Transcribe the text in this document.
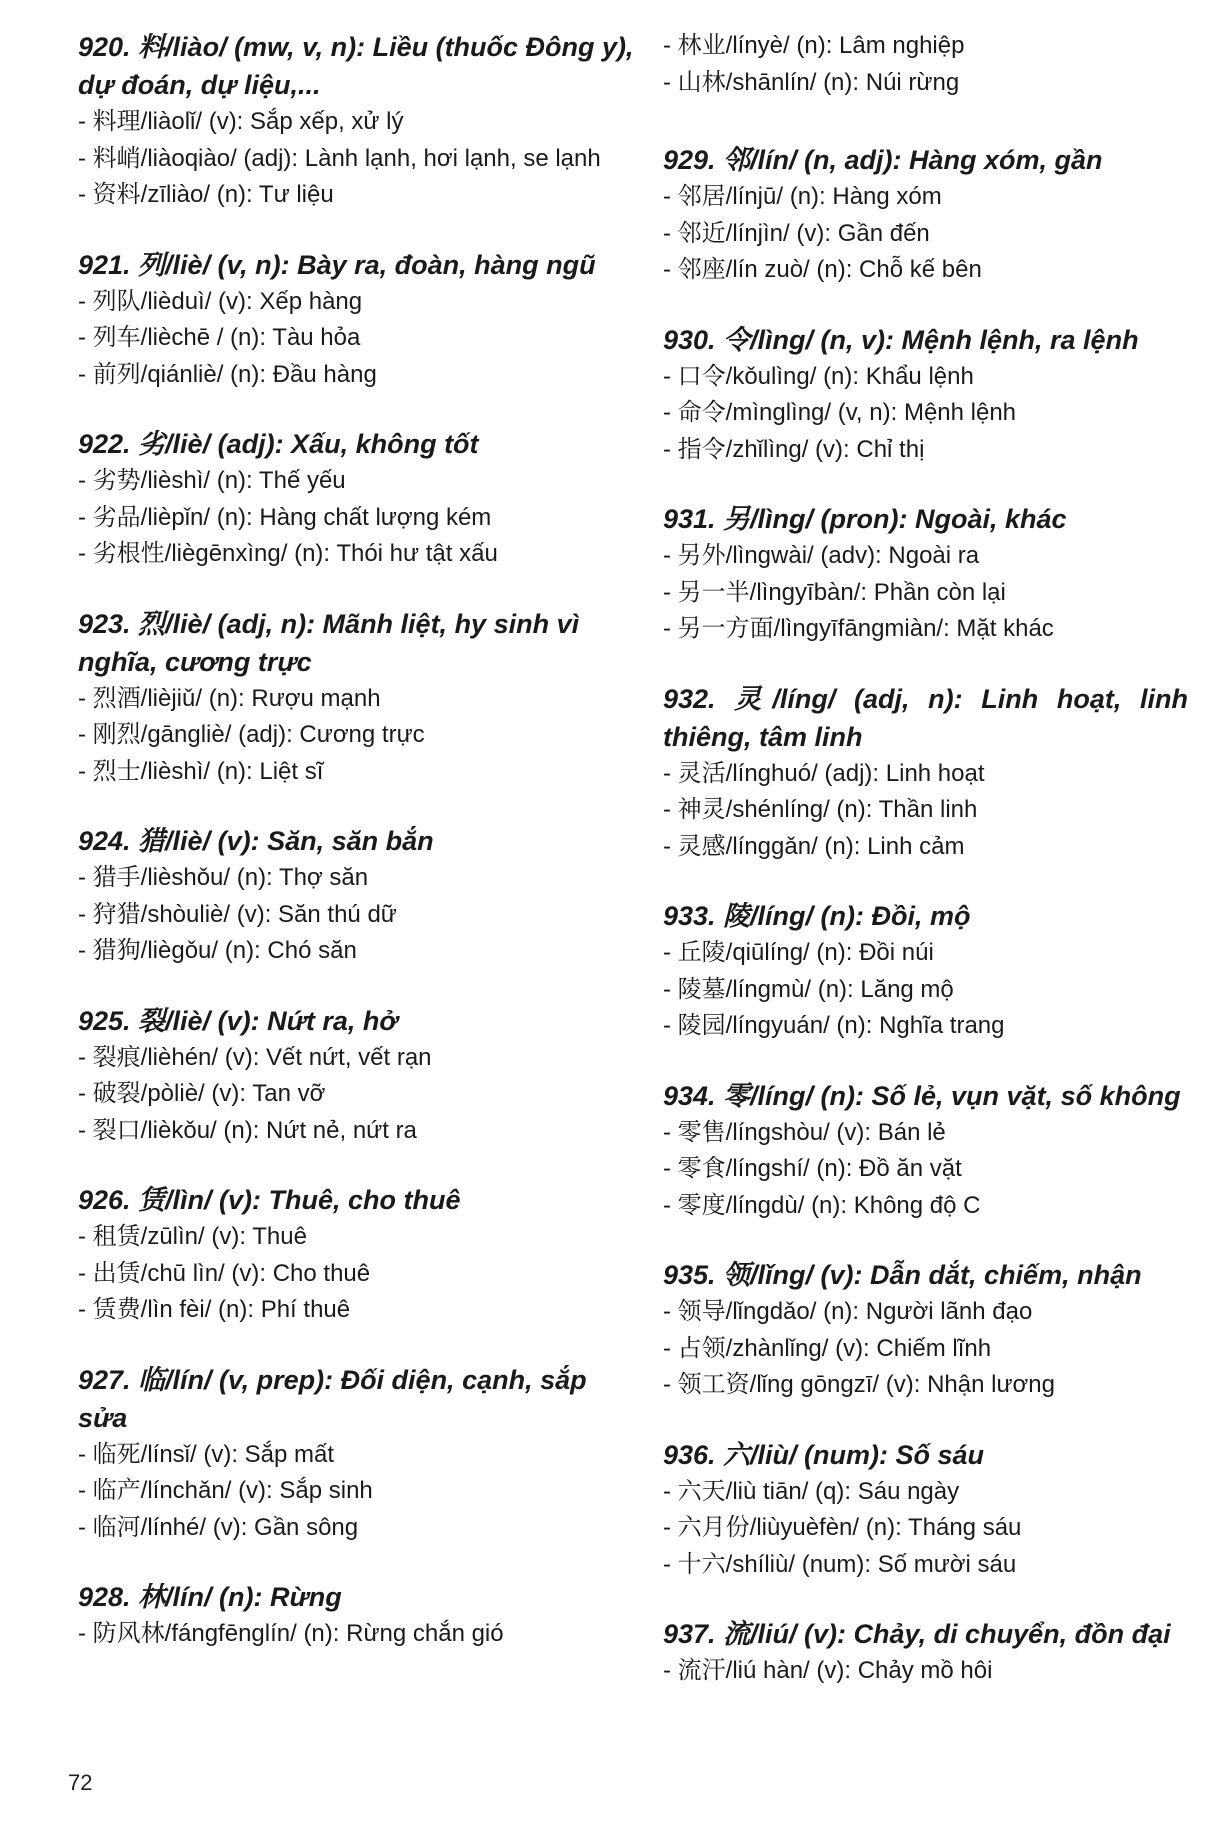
920. 料/liào/ (mw, v, n): Liều (thuốc Đông y), dự đoán, dự liệu,...

- 料理/liàolǐ/ (v): Sắp xếp, xử lý
- 料峭/liàoqiào/ (adj): Lành lạnh, hơi lạnh, se lạnh
- 资料/zīliào/ (n): Tư liệu

921. 列/liè/ (v, n): Bày ra, đoàn, hàng ngũ

- 列队/lièduì/ (v): Xếp hàng
- 列车/lièchē / (n): Tàu hỏa
- 前列/qiánliè/ (n): Đầu hàng

922. 劣/liè/ (adj): Xấu, không tốt

- 劣势/lièshì/ (n): Thế yếu
- 劣品/lièpǐn/ (n): Hàng chất lượng kém
- 劣根性/liègēnxìng/ (n): Thói hư tật xấu

923. 烈/liè/ (adj, n): Mãnh liệt, hy sinh vì nghĩa, cương trực

- 烈酒/lièjiǔ/ (n): Rượu mạnh
- 刚烈/gāngliè/ (adj): Cương trực
- 烈士/lièshì/ (n): Liệt sĩ

924. 猎/liè/ (v): Săn, săn bắn

- 猎手/lièshǒu/ (n): Thợ săn
- 狩猎/shòuliè/ (v): Săn thú dữ
- 猎狗/liègǒu/ (n): Chó săn

925. 裂/liè/ (v): Nứt ra, hở

- 裂痕/lièhén/ (v): Vết nứt, vết rạn
- 破裂/pòliè/ (v): Tan vỡ
- 裂口/lièkǒu/ (n): Nứt nẻ, nứt ra

926. 赁/lìn/ (v): Thuê, cho thuê

- 租赁/zūlìn/ (v): Thuê
- 出赁/chū lìn/ (v): Cho thuê
- 赁费/lìn fèi/ (n): Phí thuê

927. 临/lín/ (v, prep): Đối diện, cạnh, sắp sửa

- 临死/línsǐ/ (v): Sắp mất
- 临产/línchǎn/ (v): Sắp sinh
- 临河/línhé/ (v): Gần sông

928. 林/lín/ (n): Rừng

- 防风林/fángfēnglín/ (n): Rừng chắn gió
- 林业/línyè/ (n): Lâm nghiệp
- 山林/shānlín/ (n): Núi rừng

929. 邻/lín/ (n, adj): Hàng xóm, gần

- 邻居/línjū/ (n): Hàng xóm
- 邻近/línjìn/ (v): Gần đến
- 邻座/lín zuò/ (n): Chỗ kế bên

930. 令/lìng/ (n, v): Mệnh lệnh, ra lệnh

- 口令/kǒulìng/ (n): Khẩu lệnh
- 命令/mìnglìng/ (v, n): Mệnh lệnh
- 指令/zhǐlìng/ (v): Chỉ thị

931. 另/lìng/ (pron): Ngoài, khác

- 另外/lìngwài/ (adv): Ngoài ra
- 另一半/lìngyībàn/: Phần còn lại
- 另一方面/lìngyīfāngmiàn/: Mặt khác

932. 灵/líng/ (adj, n): Linh hoạt, linh thiêng, tâm linh

- 灵活/línghuó/ (adj): Linh hoạt
- 神灵/shénlíng/ (n): Thần linh
- 灵感/línggǎn/ (n): Linh cảm

933. 陵/líng/ (n): Đồi, mộ

- 丘陵/qiūlíng/ (n): Đồi núi
- 陵墓/língmù/ (n): Lăng mộ
- 陵园/língyuán/ (n): Nghĩa trang

934. 零/líng/ (n): Số lẻ, vụn vặt, số không

- 零售/língshòu/ (v): Bán lẻ
- 零食/língshí/ (n): Đồ ăn vặt
- 零度/língdù/ (n): Không độ C

935. 领/lǐng/ (v): Dẫn dắt, chiếm, nhận

- 领导/lǐngdǎo/ (n): Người lãnh đạo
- 占领/zhànlǐng/ (v): Chiếm lĩnh
- 领工资/lǐng gōngzī/ (v): Nhận lương

936. 六/liù/ (num): Số sáu

- 六天/liù tiān/ (q): Sáu ngày
- 六月份/liùyuèfèn/ (n): Tháng sáu
- 十六/shíliù/ (num): Số mười sáu

937. 流/liú/ (v): Chảy, di chuyển, đồn đại

- 流汗/liú hàn/ (v): Chảy mồ hôi
72
